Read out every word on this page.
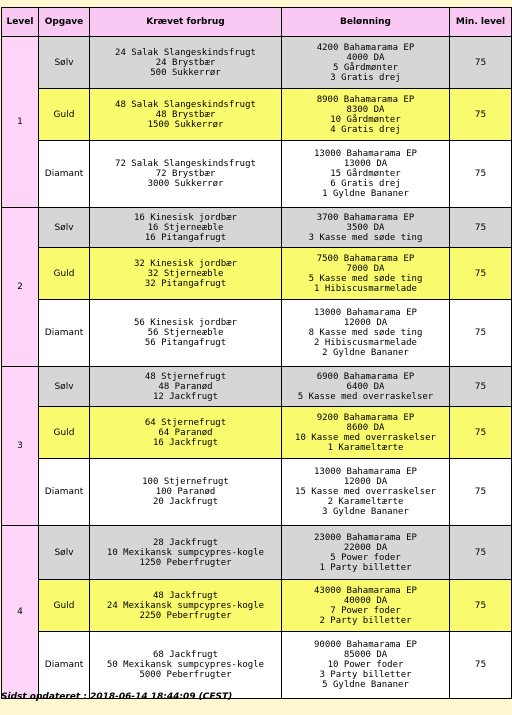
Level	Opgave	Krævet forbrug	Belønning	Min. level
1	Sølv	24 Salak Slangeskindsfrugt
24 Brystbær
500 Sukkerrør	4200 Bahamarama EP
4000 DA
5 Gårdmønter
3 Gratis drej	75
	Guld	48 Salak Slangeskindsfrugt
48 Brystbær
1500 Sukkerrør	8900 Bahamarama EP
8300 DA
10 Gårdmønter
4 Gratis drej	75
	Diamant	72 Salak Slangeskindsfrugt
72 Brystbær
3000 Sukkerrør	13000 Bahamarama EP
13000 DA
15 Gårdmønter
6 Gratis drej
1 Gyldne Bananer	75
2	Sølv	16 Kinesisk jordbær
16 Stjerneæble
16 Pitangafrugt	3700 Bahamarama EP
3500 DA
3 Kasse med søde ting	75
	Guld	32 Kinesisk jordbær
32 Stjerneæble
32 Pitangafrugt	7500 Bahamarama EP
7000 DA
5 Kasse med søde ting
1 Hibiscusmarmelade	75
	Diamant	56 Kinesisk jordbær
56 Stjerneæble
56 Pitangafrugt	13000 Bahamarama EP
12000 DA
8 Kasse med søde ting
2 Hibiscusmarmelade
2 Gyldne Bananer	75
3	Sølv	48 Stjernefrugt
48 Paranød
12 Jackfrugt	6900 Bahamarama EP
6400 DA
5 Kasse med overraskelser	75
	Guld	64 Stjernefrugt
64 Paranød
16 Jackfrugt	9200 Bahamarama EP
8600 DA
10 Kasse med overraskelser
1 Karameltærte	75
	Diamant	100 Stjernefrugt
100 Paranød
20 Jackfrugt	13000 Bahamarama EP
12000 DA
15 Kasse med overraskelser
2 Karameltærte
3 Gyldne Bananer	75
4	Sølv	28 Jackfrugt
10 Mexikansk sumpcypres-kogle
1250 Peberfrugter	23000 Bahamarama EP
22000 DA
5 Power foder
1 Party billetter	75
	Guld	48 Jackfrugt
24 Mexikansk sumpcypres-kogle
2250 Peberfrugter	43000 Bahamarama EP
40000 DA
7 Power foder
2 Party billetter	75
	Diamant	68 Jackfrugt
50 Mexikansk sumpcypres-kogle
5000 Peberfrugter	90000 Bahamarama EP
85000 DA
10 Power foder
3 Party billetter
5 Gyldne Bananer	75
Sidst opdateret : 2018-06-14 18:44:09 (CEST)
